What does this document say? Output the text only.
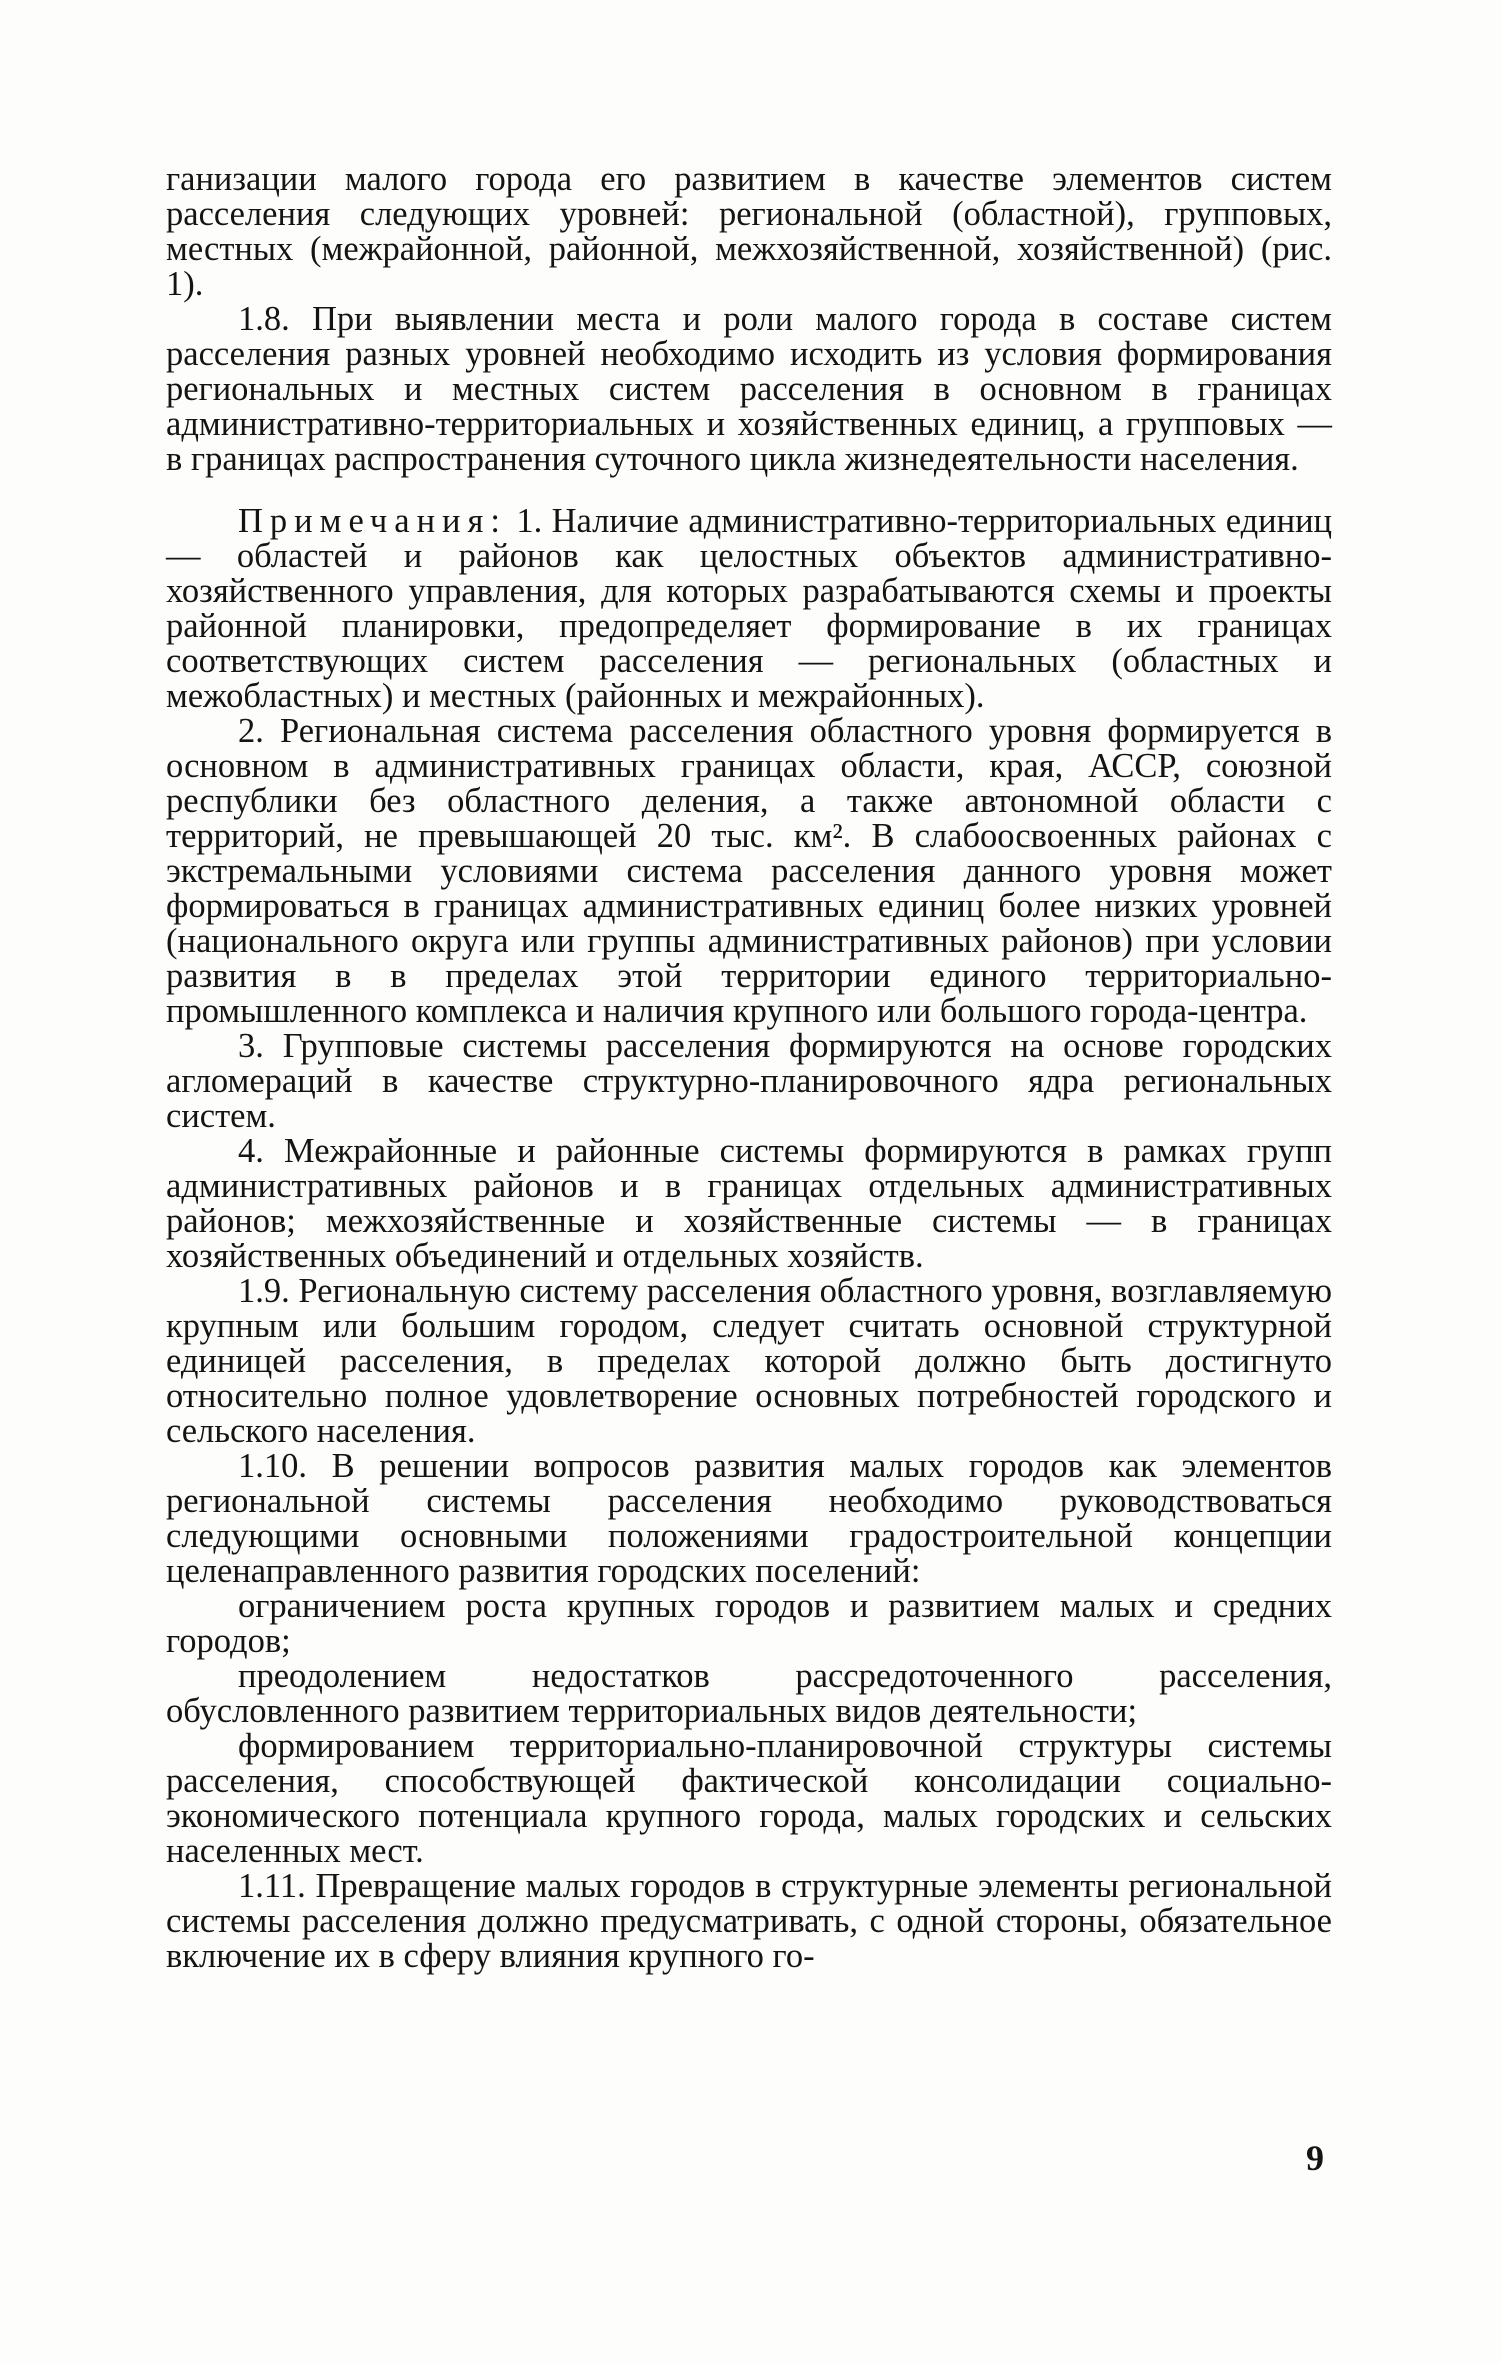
ганизации малого города его развитием в качестве элементов систем расселения следующих уровней: региональной (областной), групповых, местных (межрайонной, районной, межхозяйственной, хозяйственной) (рис. 1).

1.8. При выявлении места и роли малого города в составе систем расселения разных уровней необходимо исходить из условия формирования региональных и местных систем расселения в основном в границах административно-территориальных и хозяйственных единиц, а групповых — в границах распространения суточного цикла жизнедеятельности населения.

Примечания: 1. Наличие административно-территориальных единиц — областей и районов как целостных объектов административно-хозяйственного управления, для которых разрабатываются схемы и проекты районной планировки, предопределяет формирование в их границах соответствующих систем расселения — региональных (областных и межобластных) и местных (районных и межрайонных).

2. Региональная система расселения областного уровня формируется в основном в административных границах области, края, АССР, союзной республики без областного деления, а также автономной области с территорий, не превышающей 20 тыс. км². В слабоосвоенных районах с экстремальными условиями система расселения данного уровня может формироваться в границах административных единиц более низких уровней (национального округа или группы административных районов) при условии развития в в пределах этой территории единого территориально-промышленного комплекса и наличия крупного или большого города-центра.

3. Групповые системы расселения формируются на основе городских агломераций в качестве структурно-планировочного ядра региональных систем.

4. Межрайонные и районные системы формируются в рамках групп административных районов и в границах отдельных административных районов; межхозяйственные и хозяйственные системы — в границах хозяйственных объединений и отдельных хозяйств.

1.9. Региональную систему расселения областного уровня, возглавляемую крупным или большим городом, следует считать основной структурной единицей расселения, в пределах которой должно быть достигнуто относительно полное удовлетворение основных потребностей городского и сельского населения.

1.10. В решении вопросов развития малых городов как элементов региональной системы расселения необходимо руководствоваться следующими основными положениями градостроительной концепции целенаправленного развития городских поселений:

ограничением роста крупных городов и развитием малых и средних городов;

преодолением недостатков рассредоточенного расселения, обусловленного развитием территориальных видов деятельности;

формированием территориально-планировочной структуры системы расселения, способствующей фактической консолидации социально-экономического потенциала крупного города, малых городских и сельских населенных мест.

1.11. Превращение малых городов в структурные элементы региональной системы расселения должно предусматривать, с одной стороны, обязательное включение их в сферу влияния крупного го-

9
